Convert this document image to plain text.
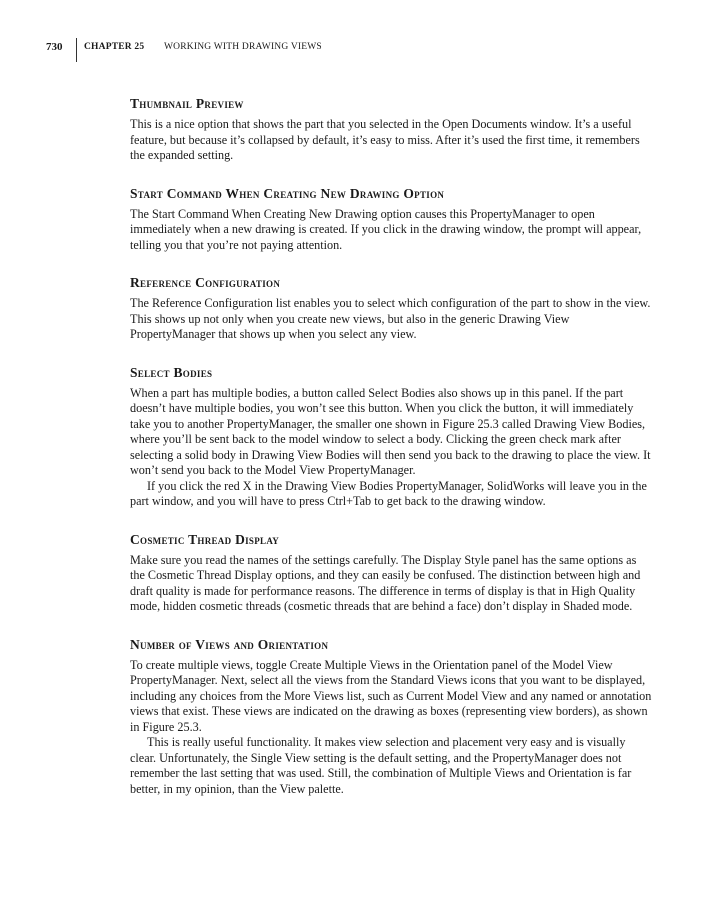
730	CHAPTER 25 WORKING WITH DRAWING VIEWS
Thumbnail Preview

This is a nice option that shows the part that you selected in the Open Documents window. It’s a useful feature, but because it’s collapsed by default, it’s easy to miss. After it’s used the first time, it remembers the expanded setting.

Start Command When Creating New Drawing Option

The Start Command When Creating New Drawing option causes this PropertyManager to open immediately when a new drawing is created. If you click in the drawing window, the prompt will appear, telling you that you’re not paying attention.

Reference Configuration

The Reference Configuration list enables you to select which configuration of the part to show in the view. This shows up not only when you create new views, but also in the generic Drawing View PropertyManager that shows up when you select any view.

Select Bodies

When a part has multiple bodies, a button called Select Bodies also shows up in this panel. If the part doesn’t have multiple bodies, you won’t see this button. When you click the button, it will immediately take you to another PropertyManager, the smaller one shown in Figure 25.3 called Drawing View Bodies, where you’ll be sent back to the model window to select a body. Clicking the green check mark after selecting a solid body in Drawing View Bodies will then send you back to the drawing to place the view. It won’t send you back to the Model View PropertyManager.

If you click the red X in the Drawing View Bodies PropertyManager, SolidWorks will leave you in the part window, and you will have to press Ctrl+Tab to get back to the drawing window.

Cosmetic Thread Display

Make sure you read the names of the settings carefully. The Display Style panel has the same options as the Cosmetic Thread Display options, and they can easily be confused. The distinction between high and draft quality is made for performance reasons. The difference in terms of display is that in High Quality mode, hidden cosmetic threads (cosmetic threads that are behind a face) don’t display in Shaded mode.

Number of Views and Orientation

To create multiple views, toggle Create Multiple Views in the Orientation panel of the Model View PropertyManager. Next, select all the views from the Standard Views icons that you want to be displayed, including any choices from the More Views list, such as Current Model View and any named or annotation views that exist. These views are indicated on the drawing as boxes (representing view borders), as shown in Figure 25.3.

This is really useful functionality. It makes view selection and placement very easy and is visually clear. Unfortunately, the Single View setting is the default setting, and the PropertyManager does not remember the last setting that was used. Still, the combination of Multiple Views and Orientation is far better, in my opinion, than the View palette.
